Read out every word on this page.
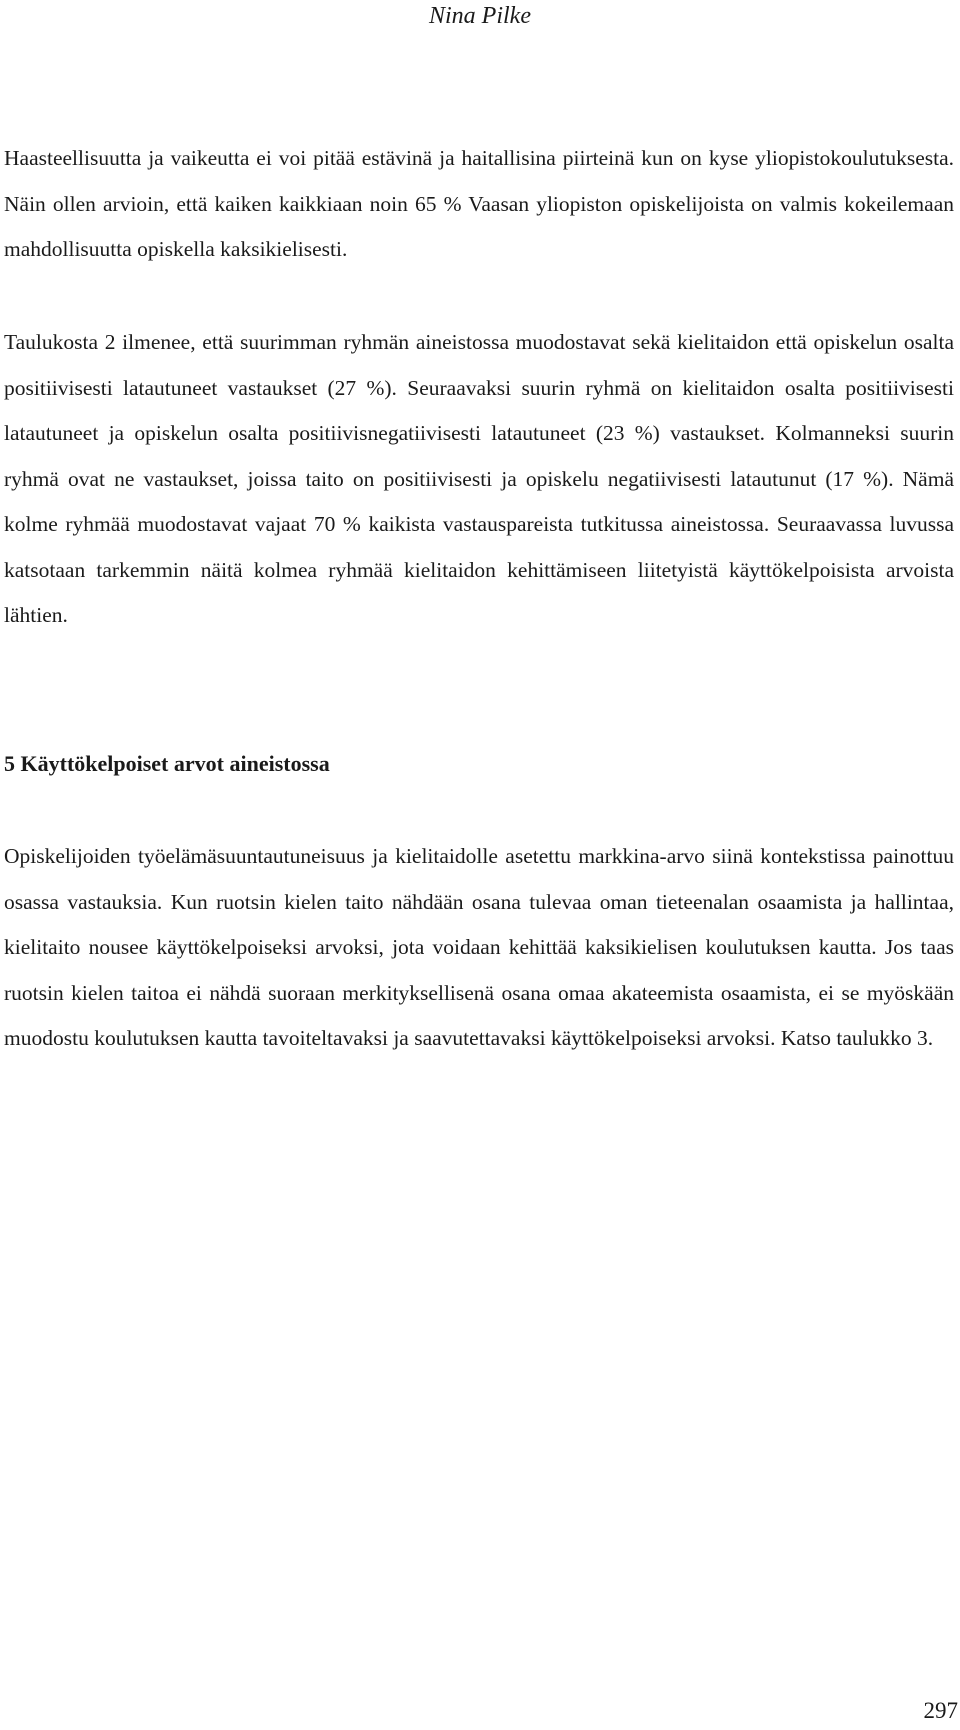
Nina Pilke

Haasteellisuutta ja vaikeutta ei voi pitää estävinä ja haitallisina piirteinä kun on kyse yliopistokoulutuksesta. Näin ollen arvioin, että kaiken kaikkiaan noin 65 % Vaasan yliopiston opiskelijoista on valmis kokeilemaan mahdollisuutta opiskella kaksikielisesti.

Taulukosta 2 ilmenee, että suurimman ryhmän aineistossa muodostavat sekä kielitaidon että opiskelun osalta positiivisesti latautuneet vastaukset (27 %). Seuraavaksi suurin ryhmä on kielitaidon osalta positiivisesti latautuneet ja opiskelun osalta positiivisnegatiivisesti latautuneet (23 %) vastaukset. Kolmanneksi suurin ryhmä ovat ne vastaukset, joissa taito on positiivisesti ja opiskelu negatiivisesti latautunut (17 %). Nämä kolme ryhmää muodostavat vajaat 70 % kaikista vastauspareista tutkitussa aineistossa. Seuraavassa luvussa katsotaan tarkemmin näitä kolmea ryhmää kielitaidon kehittämiseen liitetyistä käyttökelpoisista arvoista lähtien.

5 Käyttökelpoiset arvot aineistossa

Opiskelijoiden työelämäsuuntautuneisuus ja kielitaidolle asetettu markkina-arvo siinä kontekstissa painottuu osassa vastauksia. Kun ruotsin kielen taito nähdään osana tulevaa oman tieteenalan osaamista ja hallintaa, kielitaito nousee käyttökelpoiseksi arvoksi, jota voidaan kehittää kaksikielisen koulutuksen kautta. Jos taas ruotsin kielen taitoa ei nähdä suoraan merkityksellisenä osana omaa akateemista osaamista, ei se myöskään muodostu koulutuksen kautta tavoiteltavaksi ja saavutettavaksi käyttökelpoiseksi arvoksi. Katso taulukko 3.

297
